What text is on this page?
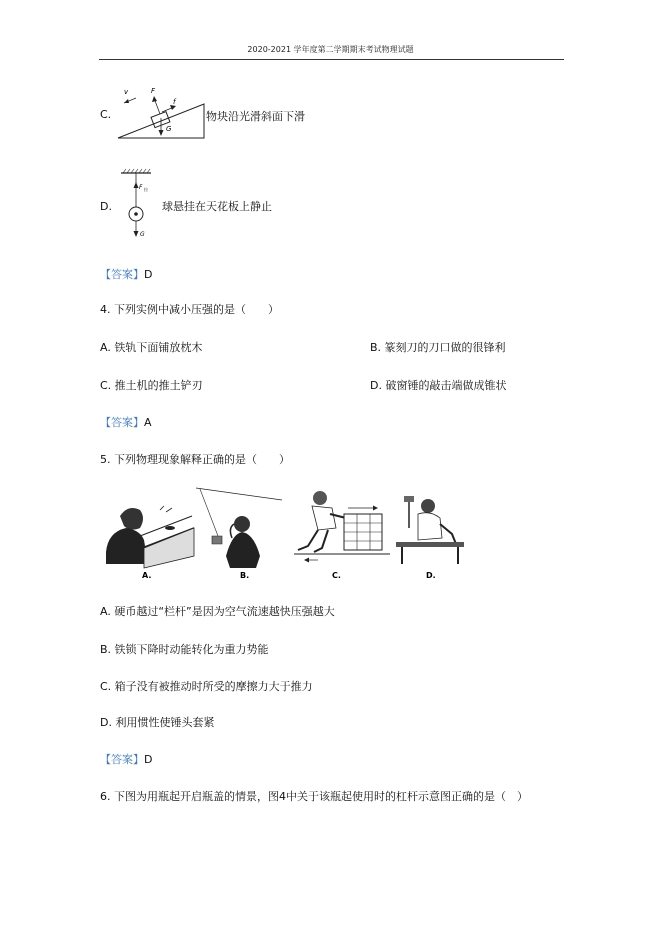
2020-2021 学年度第二学期期末考试物理试题
C.
v	F
f
G
物块沿光滑斜面下滑
D.
F 拉
G
球悬挂在天花板上静止
【答案】D
4. 下列实例中减小压强的是（　　）
A. 铁轨下面铺放枕木	B. 篆刻刀的刀口做的很锋利
C. 推土机的推土铲刃	D. 破窗锤的敲击端做成锥状
【答案】A
5. 下列物理现象解释正确的是（　　）
A.	B.	C.	D.
A. 硬币越过“栏杆”是因为空气流速越快压强越大
B. 铁锁下降时动能转化为重力势能
C. 箱子没有被推动时所受的摩擦力大于推力
D. 利用惯性使锤头套紧
【答案】D
6. 下图为用瓶起开启瓶盖的情景，图4中关于该瓶起使用时的杠杆示意图正确的是（　）
